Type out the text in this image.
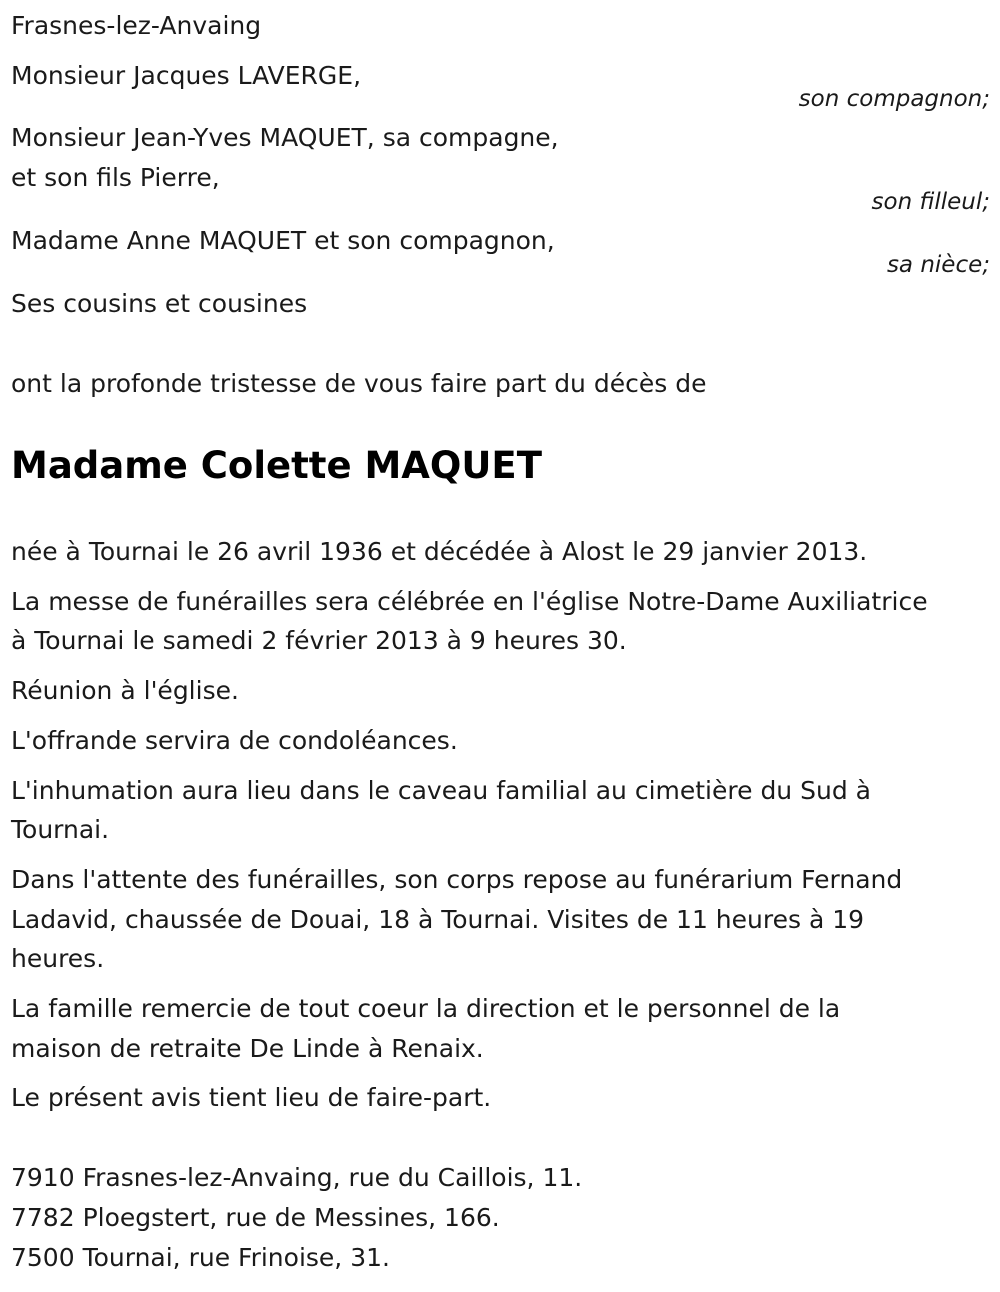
Frasnes-lez-Anvaing
Monsieur Jacques LAVERGE,
son compagnon;
Monsieur Jean-Yves MAQUET, sa compagne,
et son fils Pierre,
son filleul;
Madame Anne MAQUET et son compagnon,
sa nièce;
Ses cousins et cousines
ont la profonde tristesse de vous faire part du décès de
Madame Colette MAQUET
née à Tournai le 26 avril 1936 et décédée à Alost le 29 janvier 2013.
La messe de funérailles sera célébrée en l'église Notre-Dame Auxiliatrice
à Tournai le samedi 2 février 2013 à 9 heures 30.
Réunion à l'église.
L'offrande servira de condoléances.
L'inhumation aura lieu dans le caveau familial au cimetière du Sud à
Tournai.
Dans l'attente des funérailles, son corps repose au funérarium Fernand
Ladavid, chaussée de Douai, 18 à Tournai. Visites de 11 heures à 19
heures.
La famille remercie de tout coeur la direction et le personnel de la
maison de retraite De Linde à Renaix.
Le présent avis tient lieu de faire-part.
7910 Frasnes-lez-Anvaing, rue du Caillois, 11.
7782 Ploegstert, rue de Messines, 166.
7500 Tournai, rue Frinoise, 31.
